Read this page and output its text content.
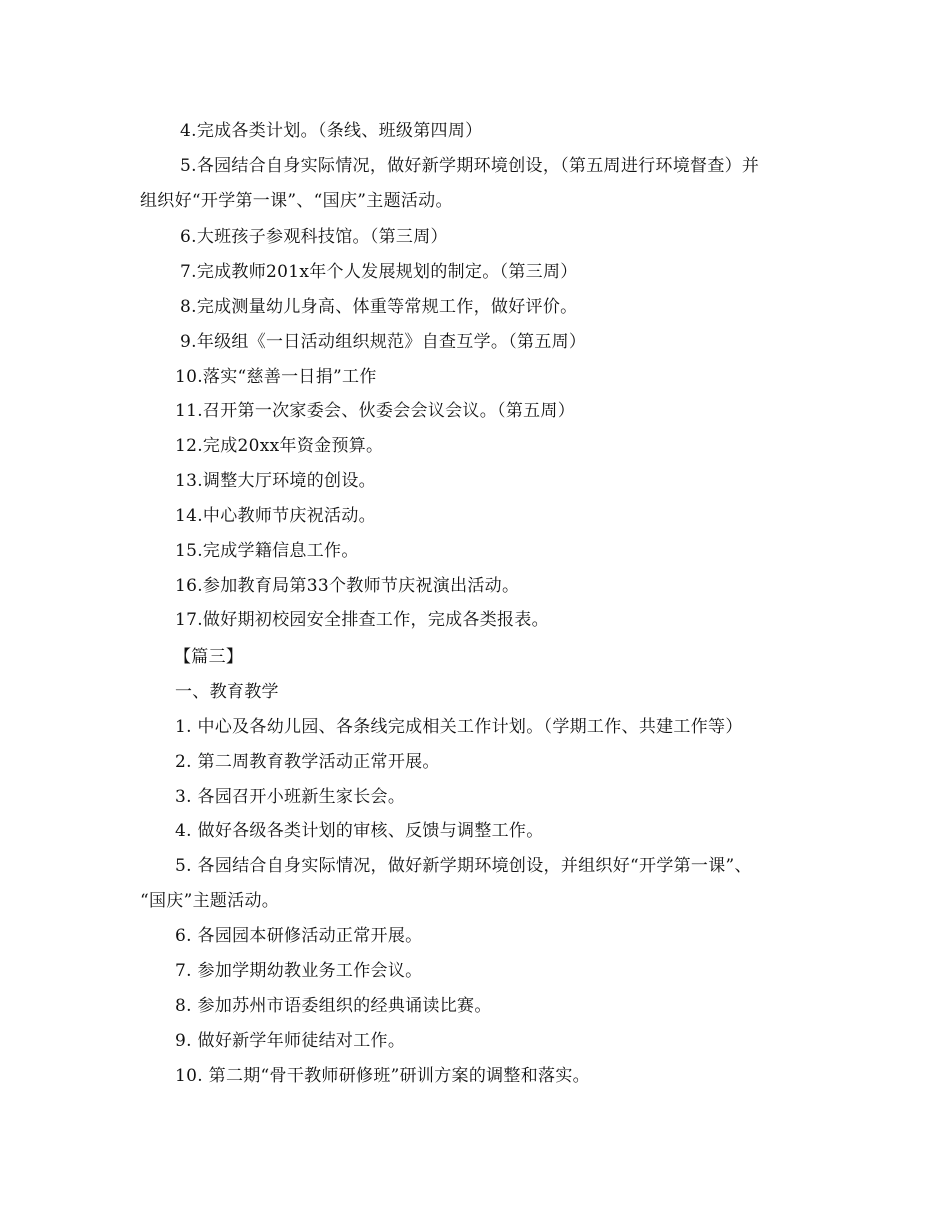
4.完成各类计划。（条线、班级第四周）
5.各园结合自身实际情况，做好新学期环境创设，（第五周进行环境督查）并
组织好“开学第一课”、“国庆”主题活动。
6.大班孩子参观科技馆。（第三周）
7.完成教师201x年个人发展规划的制定。（第三周）
8.完成测量幼儿身高、体重等常规工作，做好评价。
9.年级组《一日活动组织规范》自查互学。（第五周）
10.落实“慈善一日捐”工作
11.召开第一次家委会、伙委会会议会议。（第五周）
12.完成20xx年资金预算。
13.调整大厅环境的创设。
14.中心教师节庆祝活动。
15.完成学籍信息工作。
16.参加教育局第33个教师节庆祝演出活动。
17.做好期初校园安全排查工作，完成各类报表。
【篇三】
一、教育教学
1. 中心及各幼儿园、各条线完成相关工作计划。（学期工作、共建工作等）
2. 第二周教育教学活动正常开展。
3. 各园召开小班新生家长会。
4. 做好各级各类计划的审核、反馈与调整工作。
5. 各园结合自身实际情况，做好新学期环境创设，并组织好“开学第一课”、
“国庆”主题活动。
6. 各园园本研修活动正常开展。
7. 参加学期幼教业务工作会议。
8. 参加苏州市语委组织的经典诵读比赛。
9. 做好新学年师徒结对工作。
10. 第二期“骨干教师研修班”研训方案的调整和落实。
